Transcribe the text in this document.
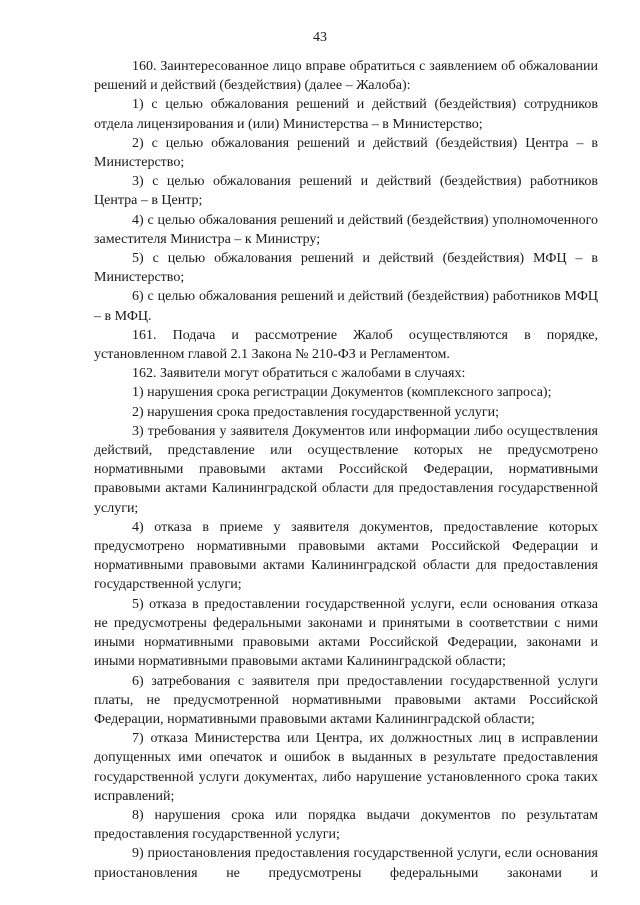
43

160. Заинтересованное лицо вправе обратиться с заявлением об обжаловании решений и действий (бездействия) (далее – Жалоба):

1) с целью обжалования решений и действий (бездействия) сотрудников отдела лицензирования и (или) Министерства – в Министерство;

2) с целью обжалования решений и действий (бездействия) Центра – в Министерство;

3) с целью обжалования решений и действий (бездействия) работников Центра – в Центр;

4) с целью обжалования решений и действий (бездействия) уполномоченного заместителя Министра – к Министру;

5) с целью обжалования решений и действий (бездействия) МФЦ – в Министерство;

6) с целью обжалования решений и действий (бездействия) работников МФЦ – в МФЦ.

161. Подача и рассмотрение Жалоб осуществляются в порядке, установленном главой 2.1 Закона № 210-ФЗ и Регламентом.

162. Заявители могут обратиться с жалобами в случаях:

1) нарушения срока регистрации Документов (комплексного запроса);

2) нарушения срока предоставления государственной услуги;

3) требования у заявителя Документов или информации либо осуществления действий, представление или осуществление которых не предусмотрено нормативными правовыми актами Российской Федерации, нормативными правовыми актами Калининградской области для предоставления государственной услуги;

4) отказа в приеме у заявителя документов, предоставление которых предусмотрено нормативными правовыми актами Российской Федерации и нормативными правовыми актами Калининградской области для предоставления государственной услуги;

5) отказа в предоставлении государственной услуги, если основания отказа не предусмотрены федеральными законами и принятыми в соответствии с ними иными нормативными правовыми актами Российской Федерации, законами и иными нормативными правовыми актами Калининградской области;

6) затребования с заявителя при предоставлении государственной услуги платы, не предусмотренной нормативными правовыми актами Российской Федерации, нормативными правовыми актами Калининградской области;

7) отказа Министерства или Центра, их должностных лиц в исправлении допущенных ими опечаток и ошибок в выданных в результате предоставления государственной услуги документах, либо нарушение установленного срока таких исправлений;

8) нарушения срока или порядка выдачи документов по результатам предоставления государственной услуги;

9) приостановления предоставления государственной услуги, если основания приостановления не предусмотрены федеральными законами и
